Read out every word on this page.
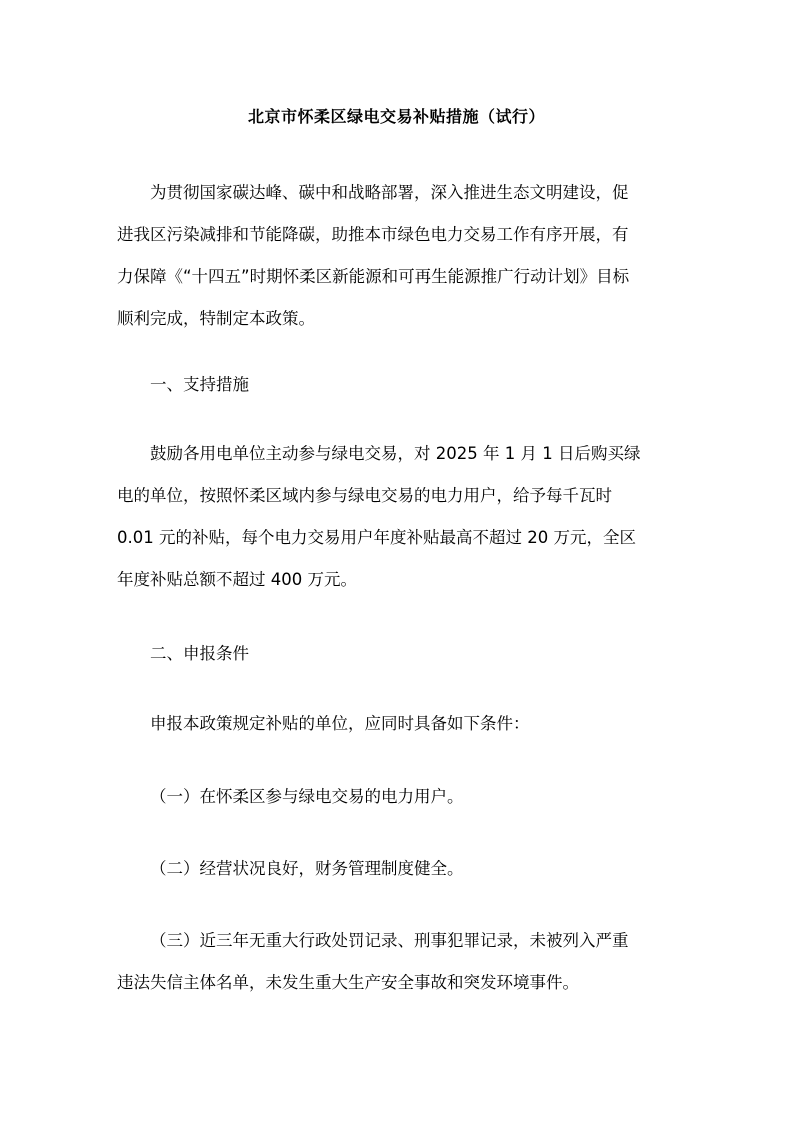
北京市怀柔区绿电交易补贴措施（试行）
为贯彻国家碳达峰、碳中和战略部署，深入推进生态文明建设，促
进我区污染减排和节能降碳，助推本市绿色电力交易工作有序开展，有
力保障《“十四五”时期怀柔区新能源和可再生能源推广行动计划》目标
顺利完成，特制定本政策。

一、支持措施

鼓励各用电单位主动参与绿电交易，对 2025 年 1 月 1 日后购买绿
电的单位，按照怀柔区域内参与绿电交易的电力用户，给予每千瓦时
0.01 元的补贴，每个电力交易用户年度补贴最高不超过 20 万元，全区
年度补贴总额不超过 400 万元。

二、申报条件

申报本政策规定补贴的单位，应同时具备如下条件：

（一）在怀柔区参与绿电交易的电力用户。

（二）经营状况良好，财务管理制度健全。

（三）近三年无重大行政处罚记录、刑事犯罪记录，未被列入严重
违法失信主体名单，未发生重大生产安全事故和突发环境事件。
